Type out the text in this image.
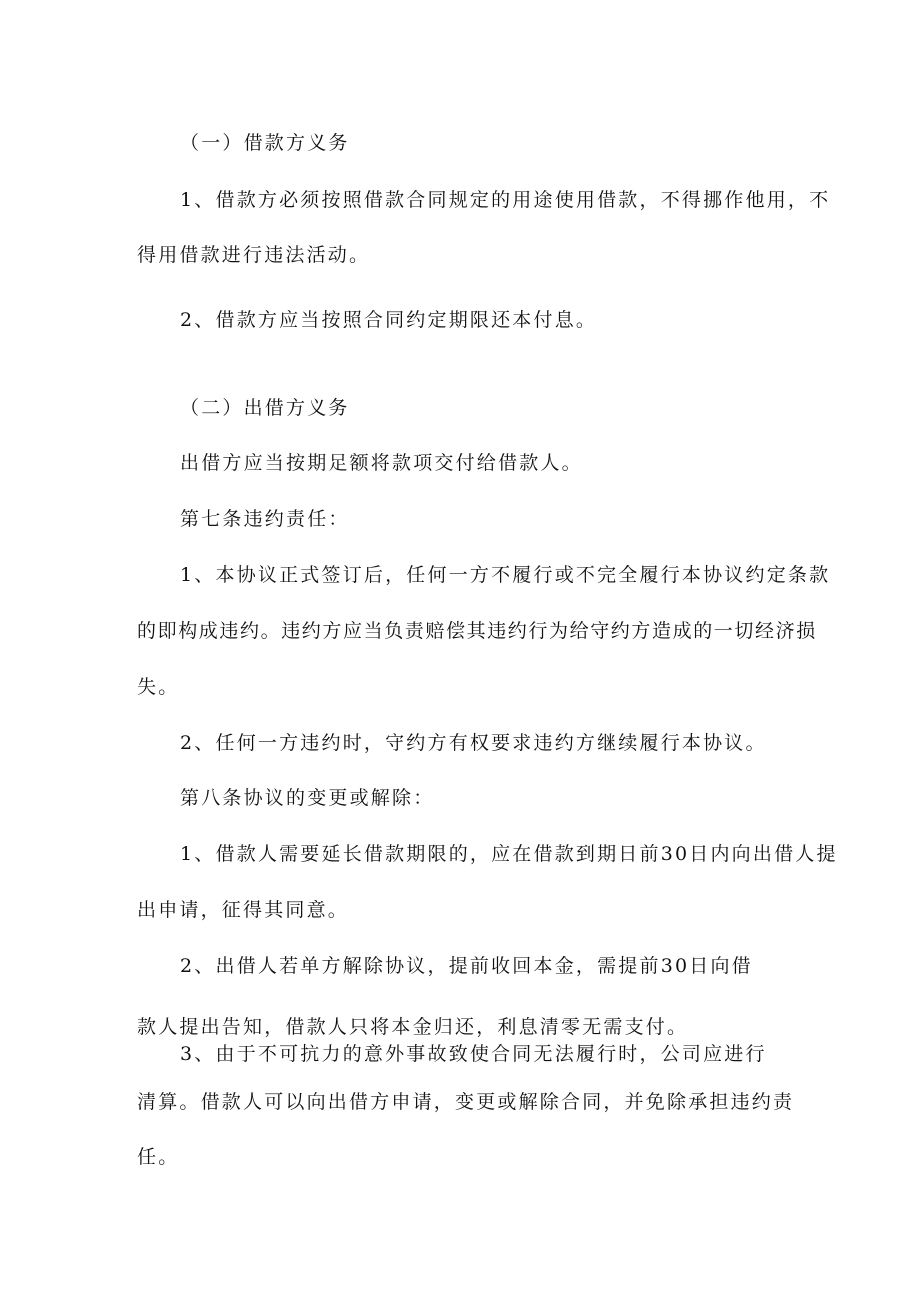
（一）借款方义务
1、借款方必须按照借款合同规定的用途使用借款，不得挪作他用，不
得用借款进行违法活动。
2、借款方应当按照合同约定期限还本付息。
（二）出借方义务
出借方应当按期足额将款项交付给借款人。
第七条违约责任：
1、本协议正式签订后，任何一方不履行或不完全履行本协议约定条款
的即构成违约。违约方应当负责赔偿其违约行为给守约方造成的一切经济损
失。
2、任何一方违约时，守约方有权要求违约方继续履行本协议。
第八条协议的变更或解除：
1、借款人需要延长借款期限的，应在借款到期日前30日内向出借人提
出申请，征得其同意。
2、出借人若单方解除协议，提前收回本金，需提前30日向借
款人提出告知，借款人只将本金归还，利息清零无需支付。
3、由于不可抗力的意外事故致使合同无法履行时，公司应进行
清算。借款人可以向出借方申请，变更或解除合同，并免除承担违约责
任。
